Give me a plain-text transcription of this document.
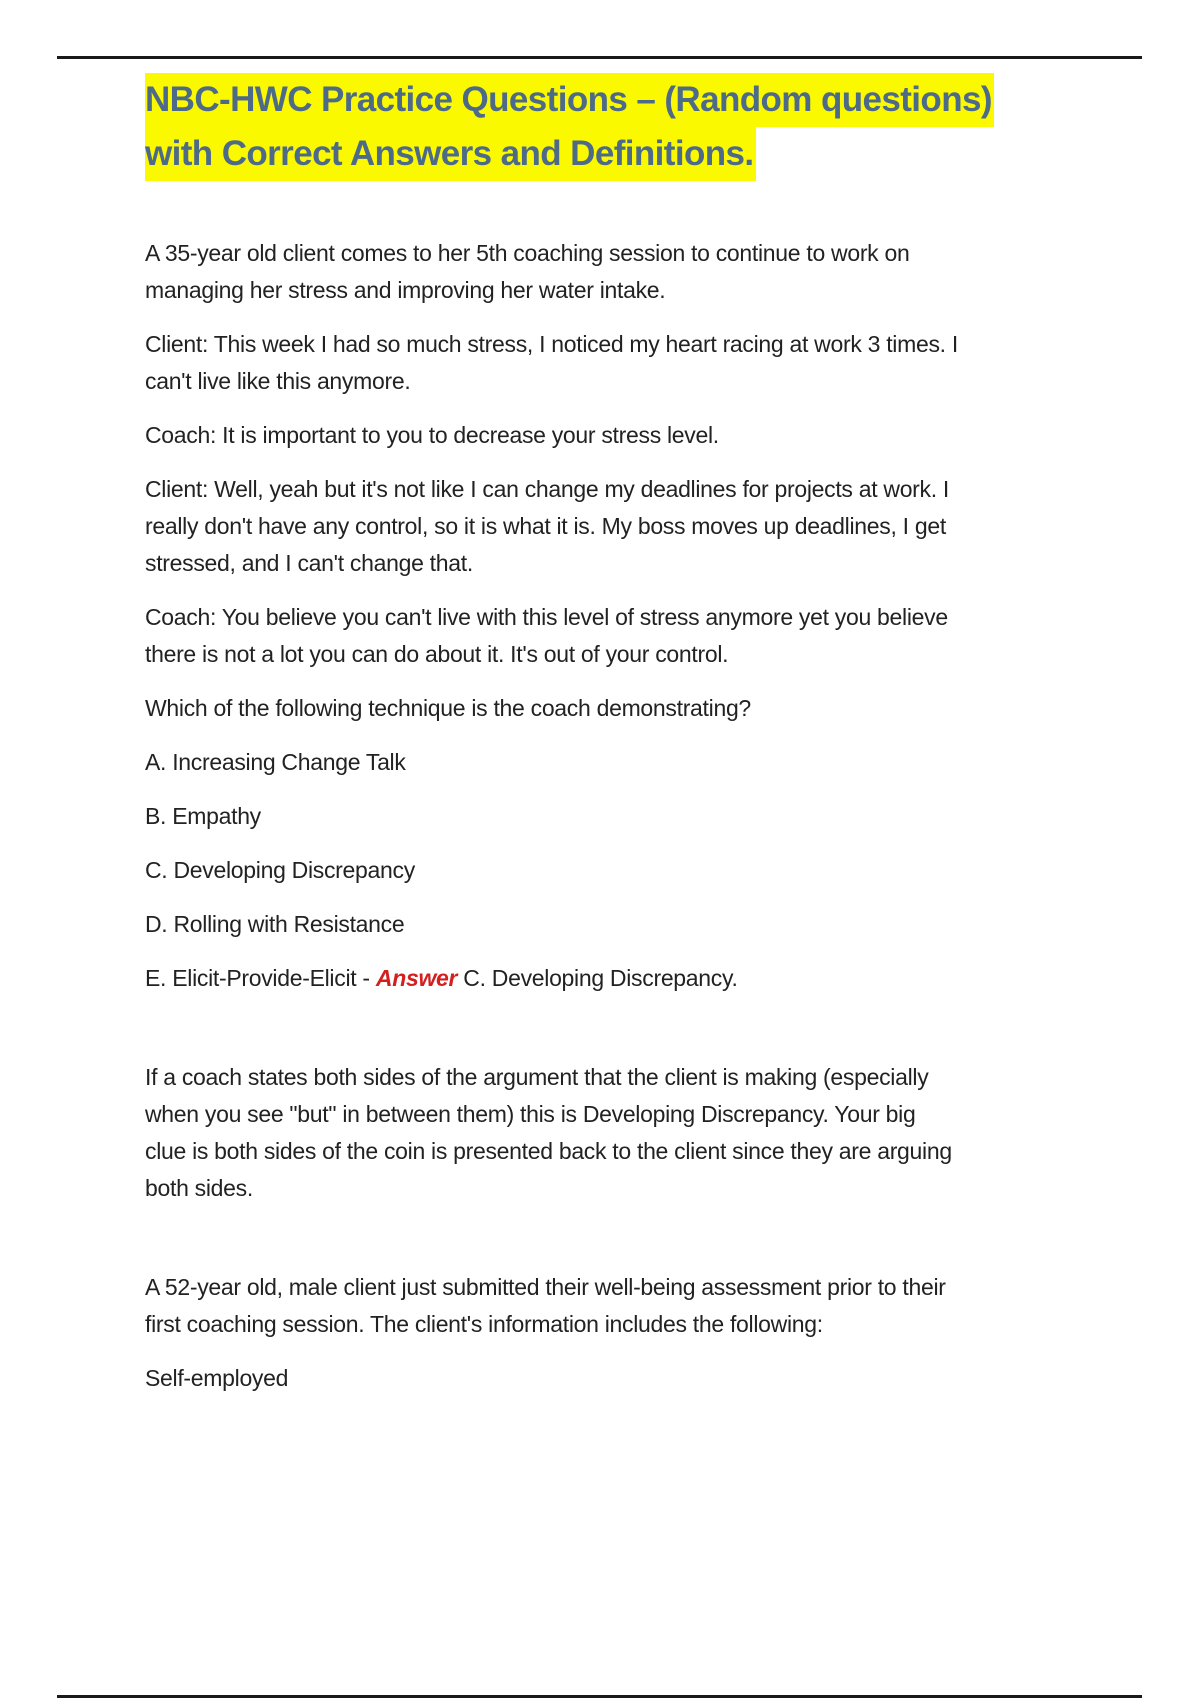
NBC-HWC Practice Questions – (Random questions)
with Correct Answers and Definitions.
A 35-year old client comes to her 5th coaching session to continue to work on
managing her stress and improving her water intake.
Client: This week I had so much stress, I noticed my heart racing at work 3 times. I
can't live like this anymore.
Coach: It is important to you to decrease your stress level.
Client: Well, yeah but it's not like I can change my deadlines for projects at work. I
really don't have any control, so it is what it is. My boss moves up deadlines, I get
stressed, and I can't change that.
Coach: You believe you can't live with this level of stress anymore yet you believe
there is not a lot you can do about it. It's out of your control.
Which of the following technique is the coach demonstrating?
A. Increasing Change Talk
B. Empathy
C. Developing Discrepancy
D. Rolling with Resistance
E. Elicit-Provide-Elicit - Answer C. Developing Discrepancy.
If a coach states both sides of the argument that the client is making (especially
when you see "but" in between them) this is Developing Discrepancy. Your big
clue is both sides of the coin is presented back to the client since they are arguing
both sides.
A 52-year old, male client just submitted their well-being assessment prior to their
first coaching session. The client's information includes the following:
Self-employed
